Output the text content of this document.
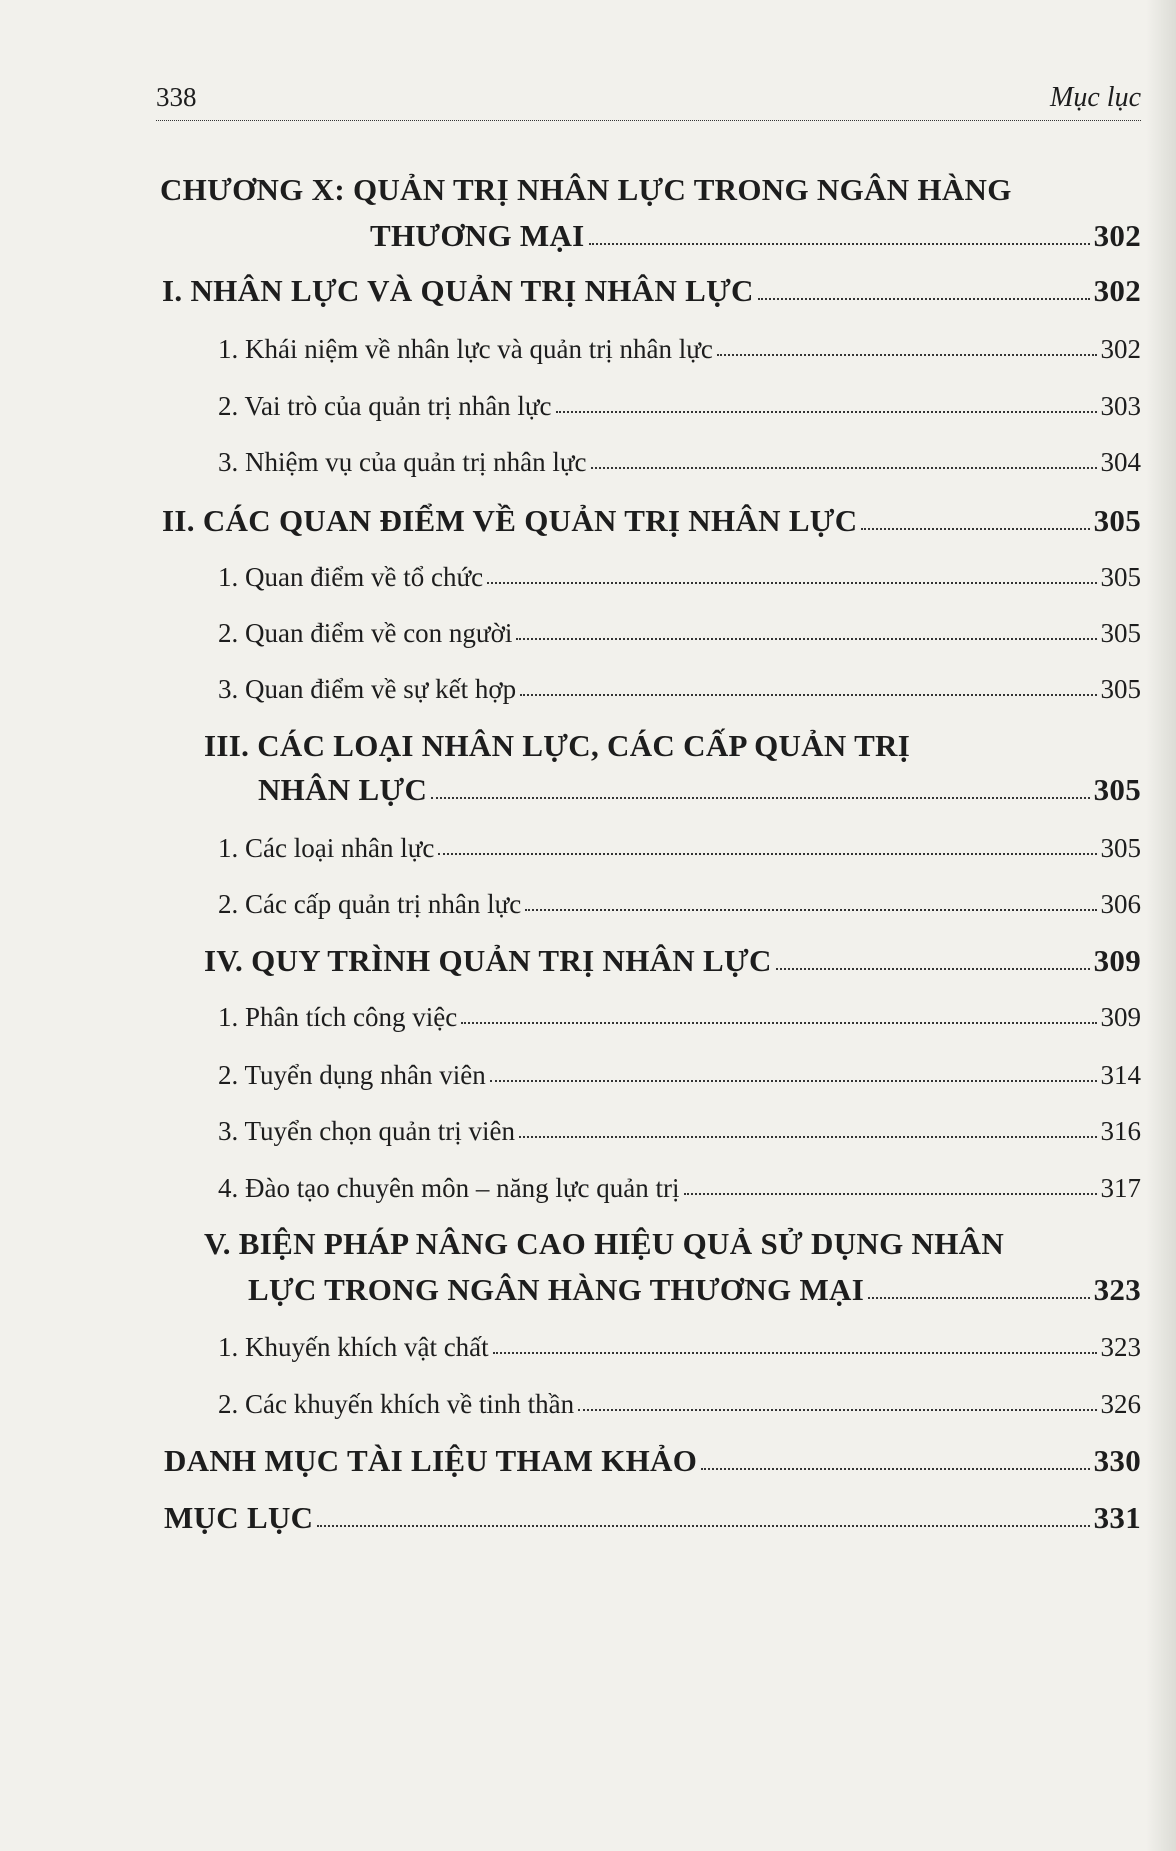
338	Mục lục
CHƯƠNG X: QUẢN TRỊ NHÂN LỰC TRONG NGÂN HÀNG
THƯƠNG MẠI	302
I. NHÂN LỰC VÀ QUẢN TRỊ NHÂN LỰC	302
1. Khái niệm về nhân lực và quản trị nhân lực	302
2. Vai trò của quản trị nhân lực	303
3. Nhiệm vụ của quản trị nhân lực	304
II. CÁC QUAN ĐIỂM VỀ QUẢN TRỊ NHÂN LỰC	305
1. Quan điểm về tổ chức	305
2. Quan điểm về con người	305
3. Quan điểm về sự kết hợp	305
III. CÁC LOẠI NHÂN LỰC, CÁC CẤP QUẢN TRỊ
NHÂN LỰC	305
1. Các loại nhân lực	305
2. Các cấp quản trị nhân lực	306
IV. QUY TRÌNH QUẢN TRỊ NHÂN LỰC	309
1. Phân tích công việc	309
2. Tuyển dụng nhân viên	314
3. Tuyển chọn quản trị viên	316
4. Đào tạo chuyên môn – năng lực quản trị	317
V. BIỆN PHÁP NÂNG CAO HIỆU QUẢ SỬ DỤNG NHÂN
LỰC TRONG NGÂN HÀNG THƯƠNG MẠI	323
1. Khuyến khích vật chất	323
2. Các khuyến khích về tinh thần	326
DANH MỤC TÀI LIỆU THAM KHẢO	330
MỤC LỤC	331
